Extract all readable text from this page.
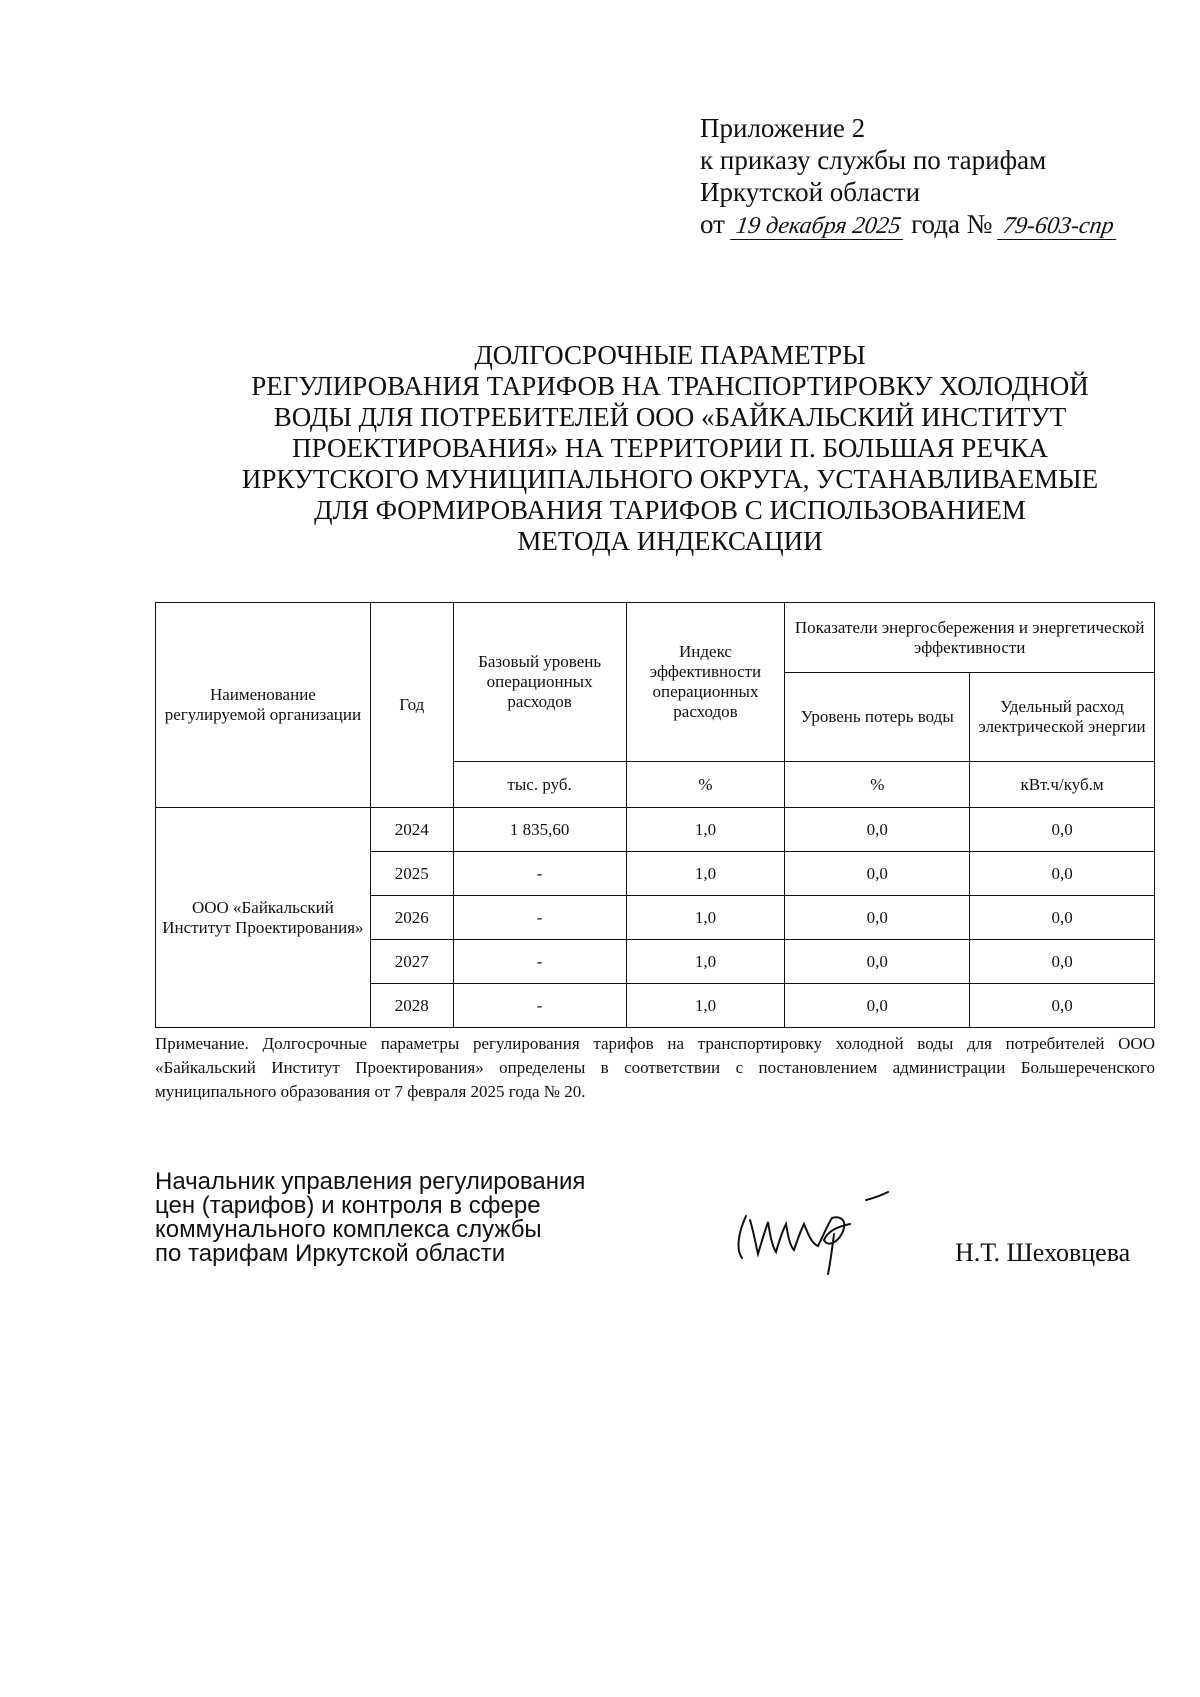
Приложение 2
к приказу службы по тарифам
Иркутской области
от 19 декабря 2025 года № 79-603-спр
ДОЛГОСРОЧНЫЕ ПАРАМЕТРЫ
РЕГУЛИРОВАНИЯ ТАРИФОВ НА ТРАНСПОРТИРОВКУ ХОЛОДНОЙ
ВОДЫ ДЛЯ ПОТРЕБИТЕЛЕЙ ООО «БАЙКАЛЬСКИЙ ИНСТИТУТ
ПРОЕКТИРОВАНИЯ» НА ТЕРРИТОРИИ П. БОЛЬШАЯ РЕЧКА
ИРКУТСКОГО МУНИЦИПАЛЬНОГО ОКРУГА, УСТАНАВЛИВАЕМЫЕ
ДЛЯ ФОРМИРОВАНИЯ ТАРИФОВ С ИСПОЛЬЗОВАНИЕМ
МЕТОДА ИНДЕКСАЦИИ
Наименование регулируемой организации	Год	Базовый уровень операционных расходов	Индекс эффективности операционных расходов	Показатели энергосбережения и энергетической эффективности	
				Уровень потерь воды	Удельный расход электрической энергии
		тыс. руб.	%	%	кВт.ч/куб.м
ООО «Байкальский Институт Проектирования»	2024	1 835,60	1,0	0,0	0,0
	2025	-	1,0	0,0	0,0
	2026	-	1,0	0,0	0,0
	2027	-	1,0	0,0	0,0
	2028	-	1,0	0,0	0,0
Примечание. Долгосрочные параметры регулирования тарифов на транспортировку холодной воды для потребителей ООО «Байкальский Институт Проектирования» определены в соответствии с постановлением администрации Большереченского муниципального образования от 7 февраля 2025 года № 20.
Начальник управления регулирования
цен (тарифов) и контроля в сфере
коммунального комплекса службы
по тарифам Иркутской области	Н.Т. Шеховцева
